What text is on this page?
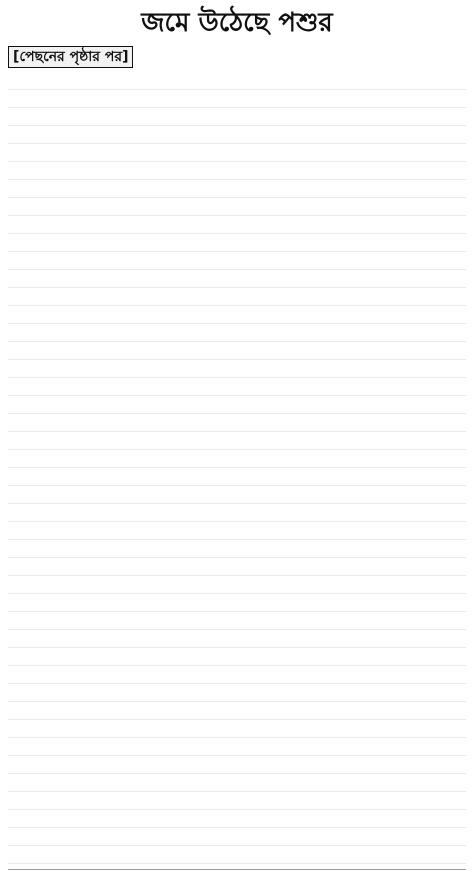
জমে উঠেছে পশুর
[পেছনের পৃষ্ঠার পর]
